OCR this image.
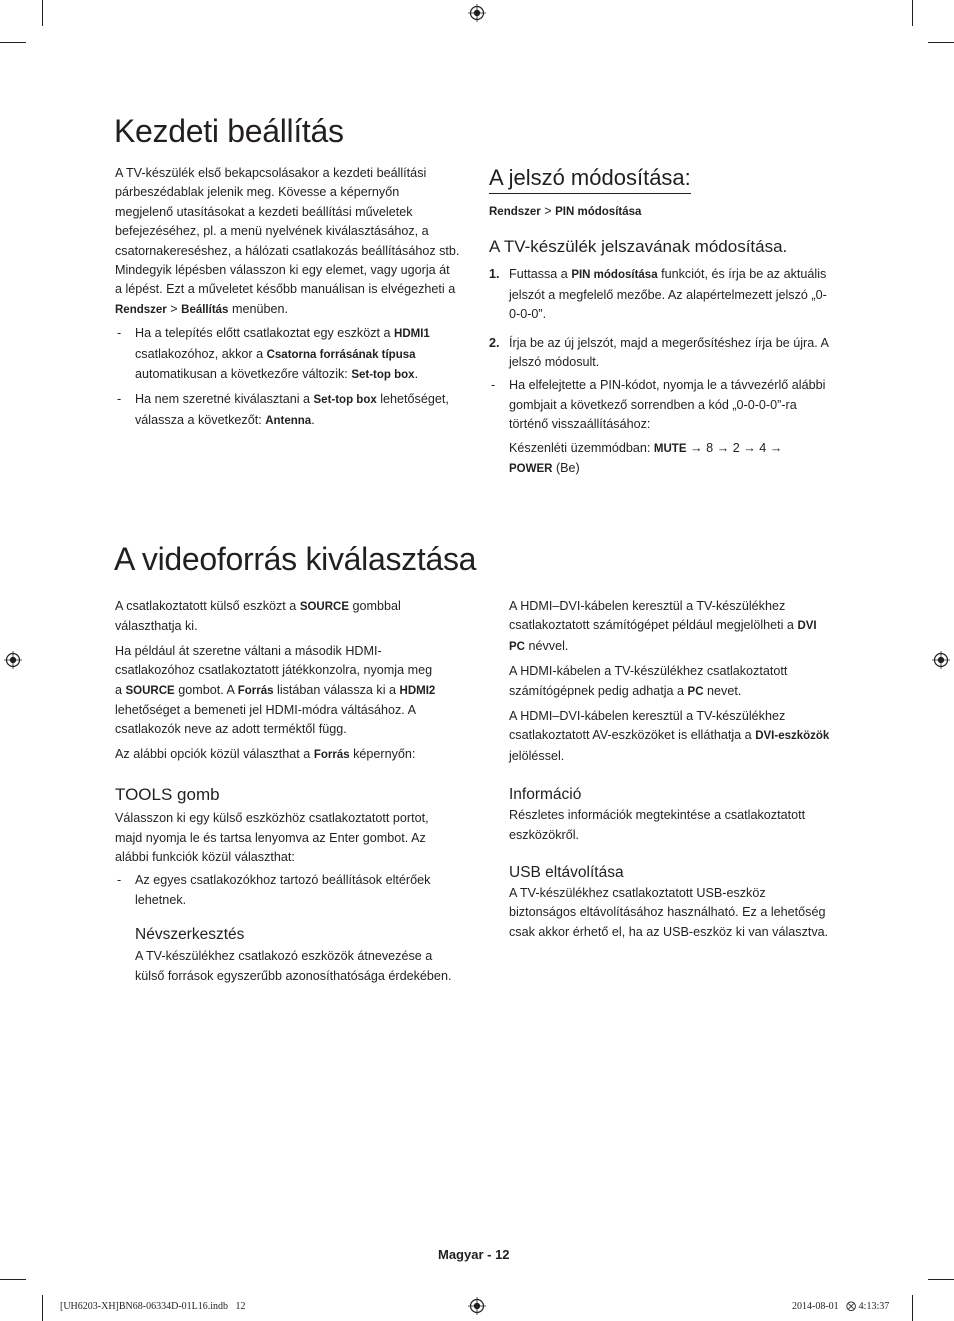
Kezdeti beállítás

A TV-készülék első bekapcsolásakor a kezdeti beállítási

párbeszédablak jelenik meg. Kövesse a képernyőn

megjelenő utasításokat a kezdeti beállítási műveletek

befejezéséhez, pl. a menü nyelvének kiválasztásához, a

csatornakereséshez, a hálózati csatlakozás beállításához stb.

Mindegyik lépésben válasszon ki egy elemet, vagy ugorja át

a lépést. Ezt a műveletet később manuálisan is elvégezheti a

Rendszer > Beállítás menüben.

- Ha a telepítés előtt csatlakoztat egy eszközt a HDMI1

csatlakozóhoz, akkor a Csatorna forrásának típusa

automatikusan a következőre változik: Set-top box.

- Ha nem szeretné kiválasztani a Set-top box lehetőséget,

válassza a következőt: Antenna.

A jelszó módosítása:

Rendszer > PIN módosítása

A TV-készülék jelszavának módosítása.
1. Futtassa a PIN módosítása funkciót, és írja be az aktuális

jelszót a megfelelő mezőbe. Az alapértelmezett jelszó „0-

0-0-0”.

2. Írja be az új jelszót, majd a megerősítéshez írja be újra. A

jelszó módosult.

- Ha elfelejtette a PIN-kódot, nyomja le a távvezérlő alábbi

gombjait a következő sorrendben a kód „0-0-0-0”-ra

történő visszaállításához:

Készenléti üzemmódban: MUTE → 8 → 2 → 4 →

POWER (Be)

A videoforrás kiválasztása

A csatlakoztatott külső eszközt a SOURCE gombbal

választhatja ki.

Ha például át szeretne váltani a második HDMI-

csatlakozóhoz csatlakoztatott játékkonzolra, nyomja meg

a SOURCE gombot. A Forrás listában válassza ki a HDMI2

lehetőséget a bemeneti jel HDMI-módra váltásához. A

csatlakozók neve az adott terméktől függ.

Az alábbi opciók közül választhat a Forrás képernyőn:

TOOLS gomb

Válasszon ki egy külső eszközhöz csatlakoztatott portot,

majd nyomja le és tartsa lenyomva az Enter gombot. Az

alábbi funkciók közül választhat:

- Az egyes csatlakozókhoz tartozó beállítások eltérőek

lehetnek.

Névszerkesztés

A TV-készülékhez csatlakozó eszközök átnevezése a

külső források egyszerűbb azonosíthatósága érdekében.

A HDMI–DVI-kábelen keresztül a TV-készülékhez

csatlakoztatott számítógépet például megjelölheti a DVI

PC névvel.

A HDMI-kábelen a TV-készülékhez csatlakoztatott

számítógépnek pedig adhatja a PC nevet.

A HDMI–DVI-kábelen keresztül a TV-készülékhez

csatlakoztatott AV-eszközöket is elláthatja a DVI-eszközök

jelöléssel.

Információ

Részletes információk megtekintése a csatlakoztatott

eszközökről.

USB eltávolítása

A TV-készülékhez csatlakoztatott USB-eszköz

biztonságos eltávolításához használható. Ez a lehetőség

csak akkor érhető el, ha az USB-eszköz ki van választva.

Magyar - 12
[UH6203-XH]BN68-06334D-01L16.indb   12	2014-08-01   ⨂ 4:13:37
